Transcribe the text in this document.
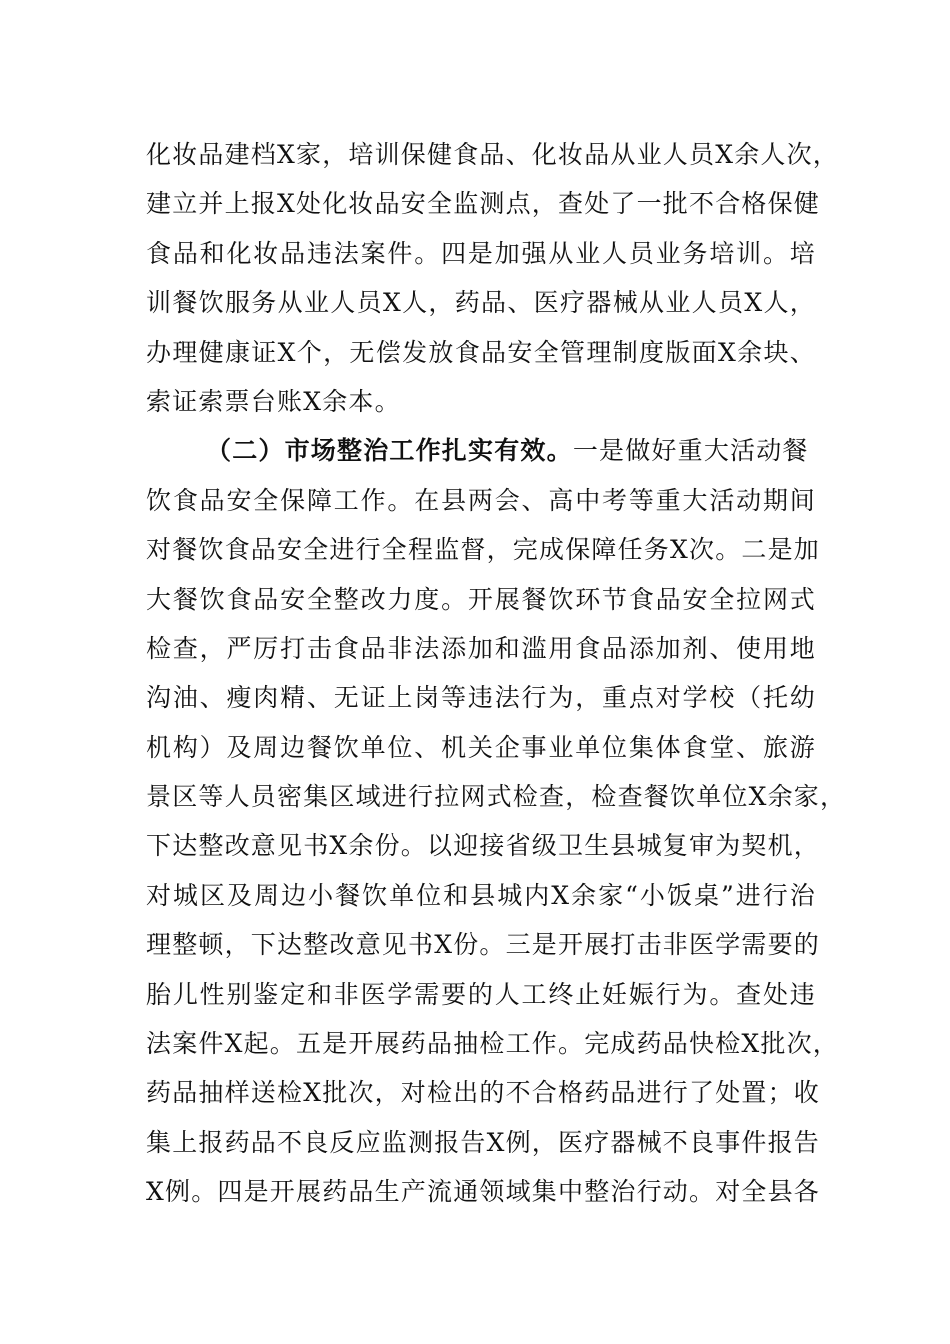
化妆品建档X家，培训保健食品、化妆品从业人员X余人次，
建立并上报X处化妆品安全监测点，查处了一批不合格保健
食品和化妆品违法案件。四是加强从业人员业务培训。培
训餐饮服务从业人员X人，药品、医疗器械从业人员X人，
办理健康证X个，无偿发放食品安全管理制度版面X余块、
索证索票台账X余本。
（二）市场整治工作扎实有效。一是做好重大活动餐
饮食品安全保障工作。在县两会、高中考等重大活动期间
对餐饮食品安全进行全程监督，完成保障任务X次。二是加
大餐饮食品安全整改力度。开展餐饮环节食品安全拉网式
检查，严厉打击食品非法添加和滥用食品添加剂、使用地
沟油、瘦肉精、无证上岗等违法行为，重点对学校（托幼
机构）及周边餐饮单位、机关企事业单位集体食堂、旅游
景区等人员密集区域进行拉网式检查，检查餐饮单位X余家，
下达整改意见书X余份。以迎接省级卫生县城复审为契机，
对城区及周边小餐饮单位和县城内X余家“小饭桌”进行治
理整顿，下达整改意见书X份。三是开展打击非医学需要的
胎儿性别鉴定和非医学需要的人工终止妊娠行为。查处违
法案件X起。五是开展药品抽检工作。完成药品快检X批次，
药品抽样送检X批次，对检出的不合格药品进行了处置；收
集上报药品不良反应监测报告X例，医疗器械不良事件报告
X例。四是开展药品生产流通领域集中整治行动。对全县各
